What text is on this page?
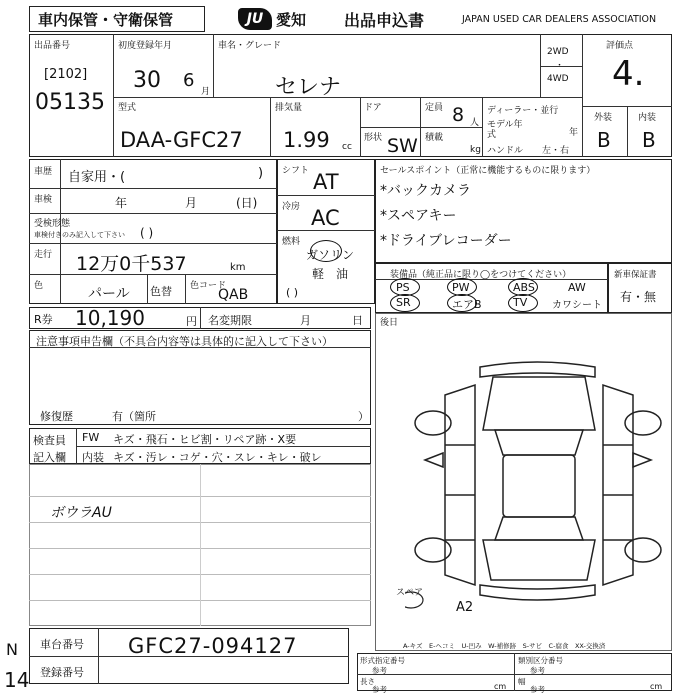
車内保管・守衛保管	JU 愛知 出品申込書	JAPAN USED CAR DEALERS ASSOCIATION
出品番号
[2102]
05135
初度登録年月
30 6
月
車名・グレード
セレナ
2WD
・
4WD
評価点
4.
外装	内装
B B
型式
DAA-GFC27
排気量
1.99 cc
ドア
形状 SW
定員 8 人
積載
kg
ディーラー・並行
モデル年式	年
ハンドル 左・右
車歴 自家用・(	)
車検	年	月	(日)
受検形態
車検付きのみ記入して下さい ( )
走行 12万0千537	km
色	パール 色替 色コード
QAB
シフト AT
冷房 AC
燃料
ガソリン
軽　油
( )
セールスポイント（正常に機能するものに限ります）
*バックカメラ
*スペアキー
*ドライブレコーダー
装備品（純正品に限り◯をつけてください）
PS	PW	ABS	AW
SR	エアB	TV カワシート
新車保証書
有・無
後日
R券 10,190	円 名変期限	月	日
注意事項申告欄（不具合内容等は具体的に記入して下さい）
修復歴	有（箇所	）
検査員
記入欄
FW キズ・飛石・ヒビ割・リペア跡・X要
内装 キズ・汚レ・コゲ・穴・スレ・キレ・破レ
ボウラAU
スペア
A2
A-キズ　E-ヘコミ　U-凹み　W-補修跡　S-サビ　C-腐食　XX-交換済
車台番号 GFC27-094127
登録番号
N
14
形式指定番号
参考
類別区分番号
参考
長さ
参考	cm
幅
参考	cm
